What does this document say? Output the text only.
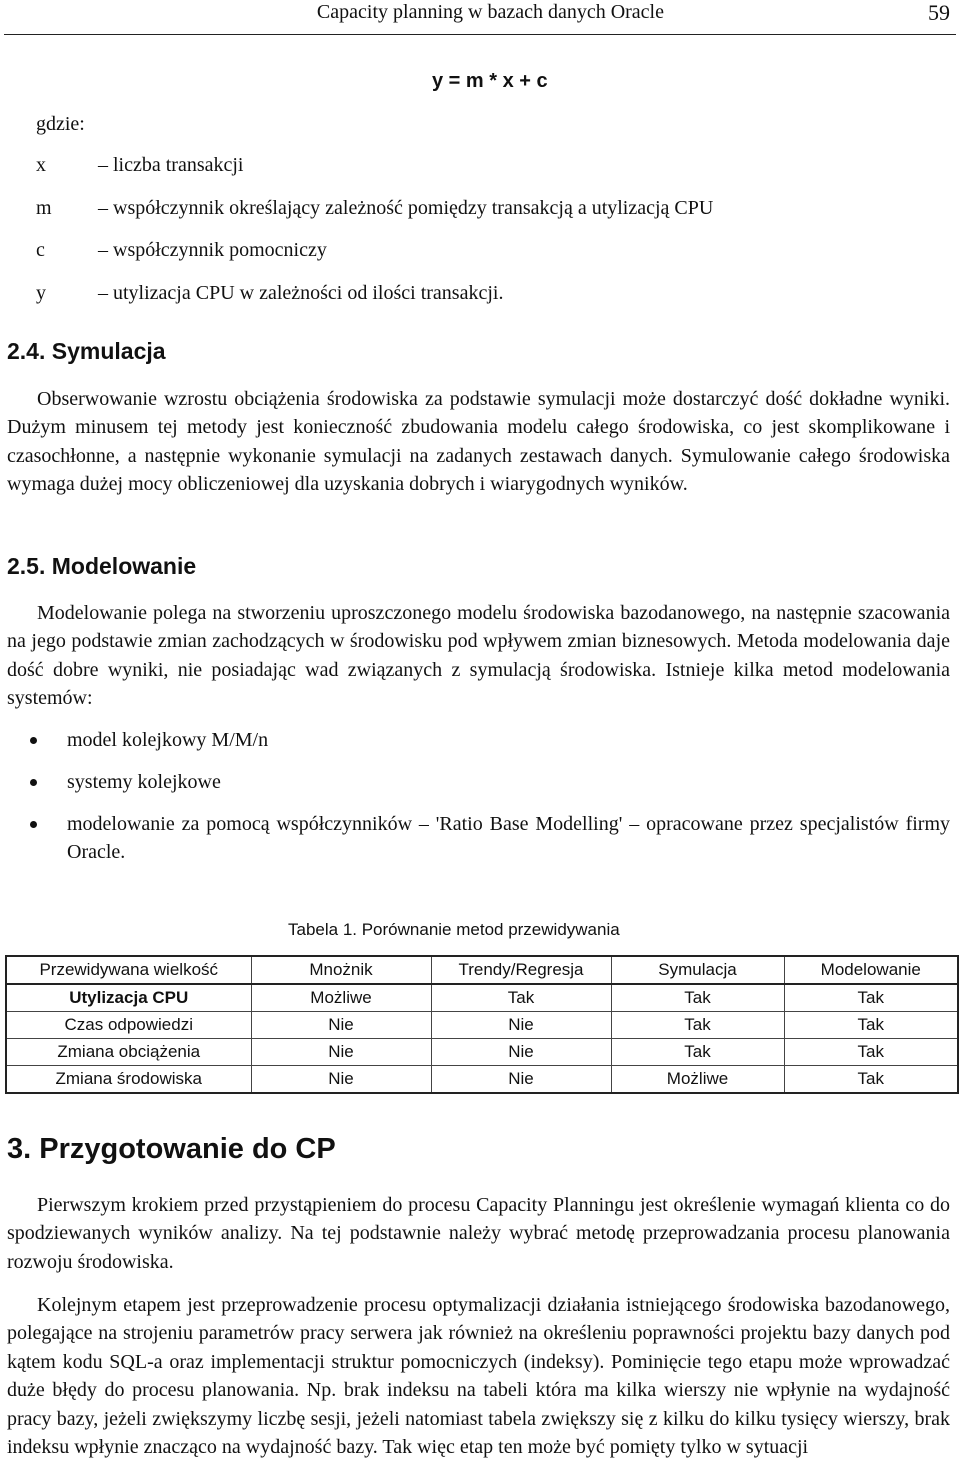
Capacity planning w bazach danych Oracle	59
y = m * x + c
gdzie:
x	– liczba transakcji
m – współczynnik określający zależność pomiędzy transakcją a utylizacją CPU
c	– współczynnik pomocniczy
y	– utylizacja CPU w zależności od ilości transakcji.
2.4. Symulacja
Obserwowanie wzrostu obciążenia środowiska za podstawie symulacji może dostarczyć dość dokładne wyniki. Dużym minusem tej metody jest konieczność zbudowania modelu całego środowiska, co jest skomplikowane i czasochłonne, a następnie wykonanie symulacji na zadanych zestawach danych. Symulowanie całego środowiska wymaga dużej mocy obliczeniowej dla uzyskania dobrych i wiarygodnych wyników.
2.5. Modelowanie
Modelowanie polega na stworzeniu uproszczonego modelu środowiska bazodanowego, na następnie szacowania na jego podstawie zmian zachodzących w środowisku pod wpływem zmian biznesowych. Metoda modelowania daje dość dobre wyniki, nie posiadając wad związanych z symulacją środowiska. Istnieje kilka metod modelowania systemów:
model kolejkowy M/M/n
systemy kolejkowe
modelowanie za pomocą współczynników – 'Ratio Base Modelling' – opracowane przez specjalistów firmy Oracle.
Tabela 1. Porównanie metod przewidywania
Przewidywana wielkość	Mnożnik	Trendy/Regresja	Symulacja	Modelowanie
Utylizacja CPU	Możliwe	Tak	Tak	Tak
Czas odpowiedzi	Nie	Nie	Tak	Tak
Zmiana obciążenia	Nie	Nie	Tak	Tak
Zmiana środowiska	Nie	Nie	Możliwe	Tak
3. Przygotowanie do CP
Pierwszym krokiem przed przystąpieniem do procesu Capacity Planningu jest określenie wymagań klienta co do spodziewanych wyników analizy. Na tej podstawnie należy wybrać metodę przeprowadzania procesu planowania rozwoju środowiska.
Kolejnym etapem jest przeprowadzenie procesu optymalizacji działania istniejącego środowiska bazodanowego, polegające na strojeniu parametrów pracy serwera jak również na określeniu poprawności projektu bazy danych pod kątem kodu SQL-a oraz implementacji struktur pomocniczych (indeksy). Pominięcie tego etapu może wprowadzać duże błędy do procesu planowania. Np. brak indeksu na tabeli która ma kilka wierszy nie wpłynie na wydajność pracy bazy, jeżeli zwiększymy liczbę sesji, jeżeli natomiast tabela zwiększy się z kilku do kilku tysięcy wierszy, brak indeksu wpłynie znacząco na wydajność bazy. Tak więc etap ten może być pomięty tylko w sytuacji
